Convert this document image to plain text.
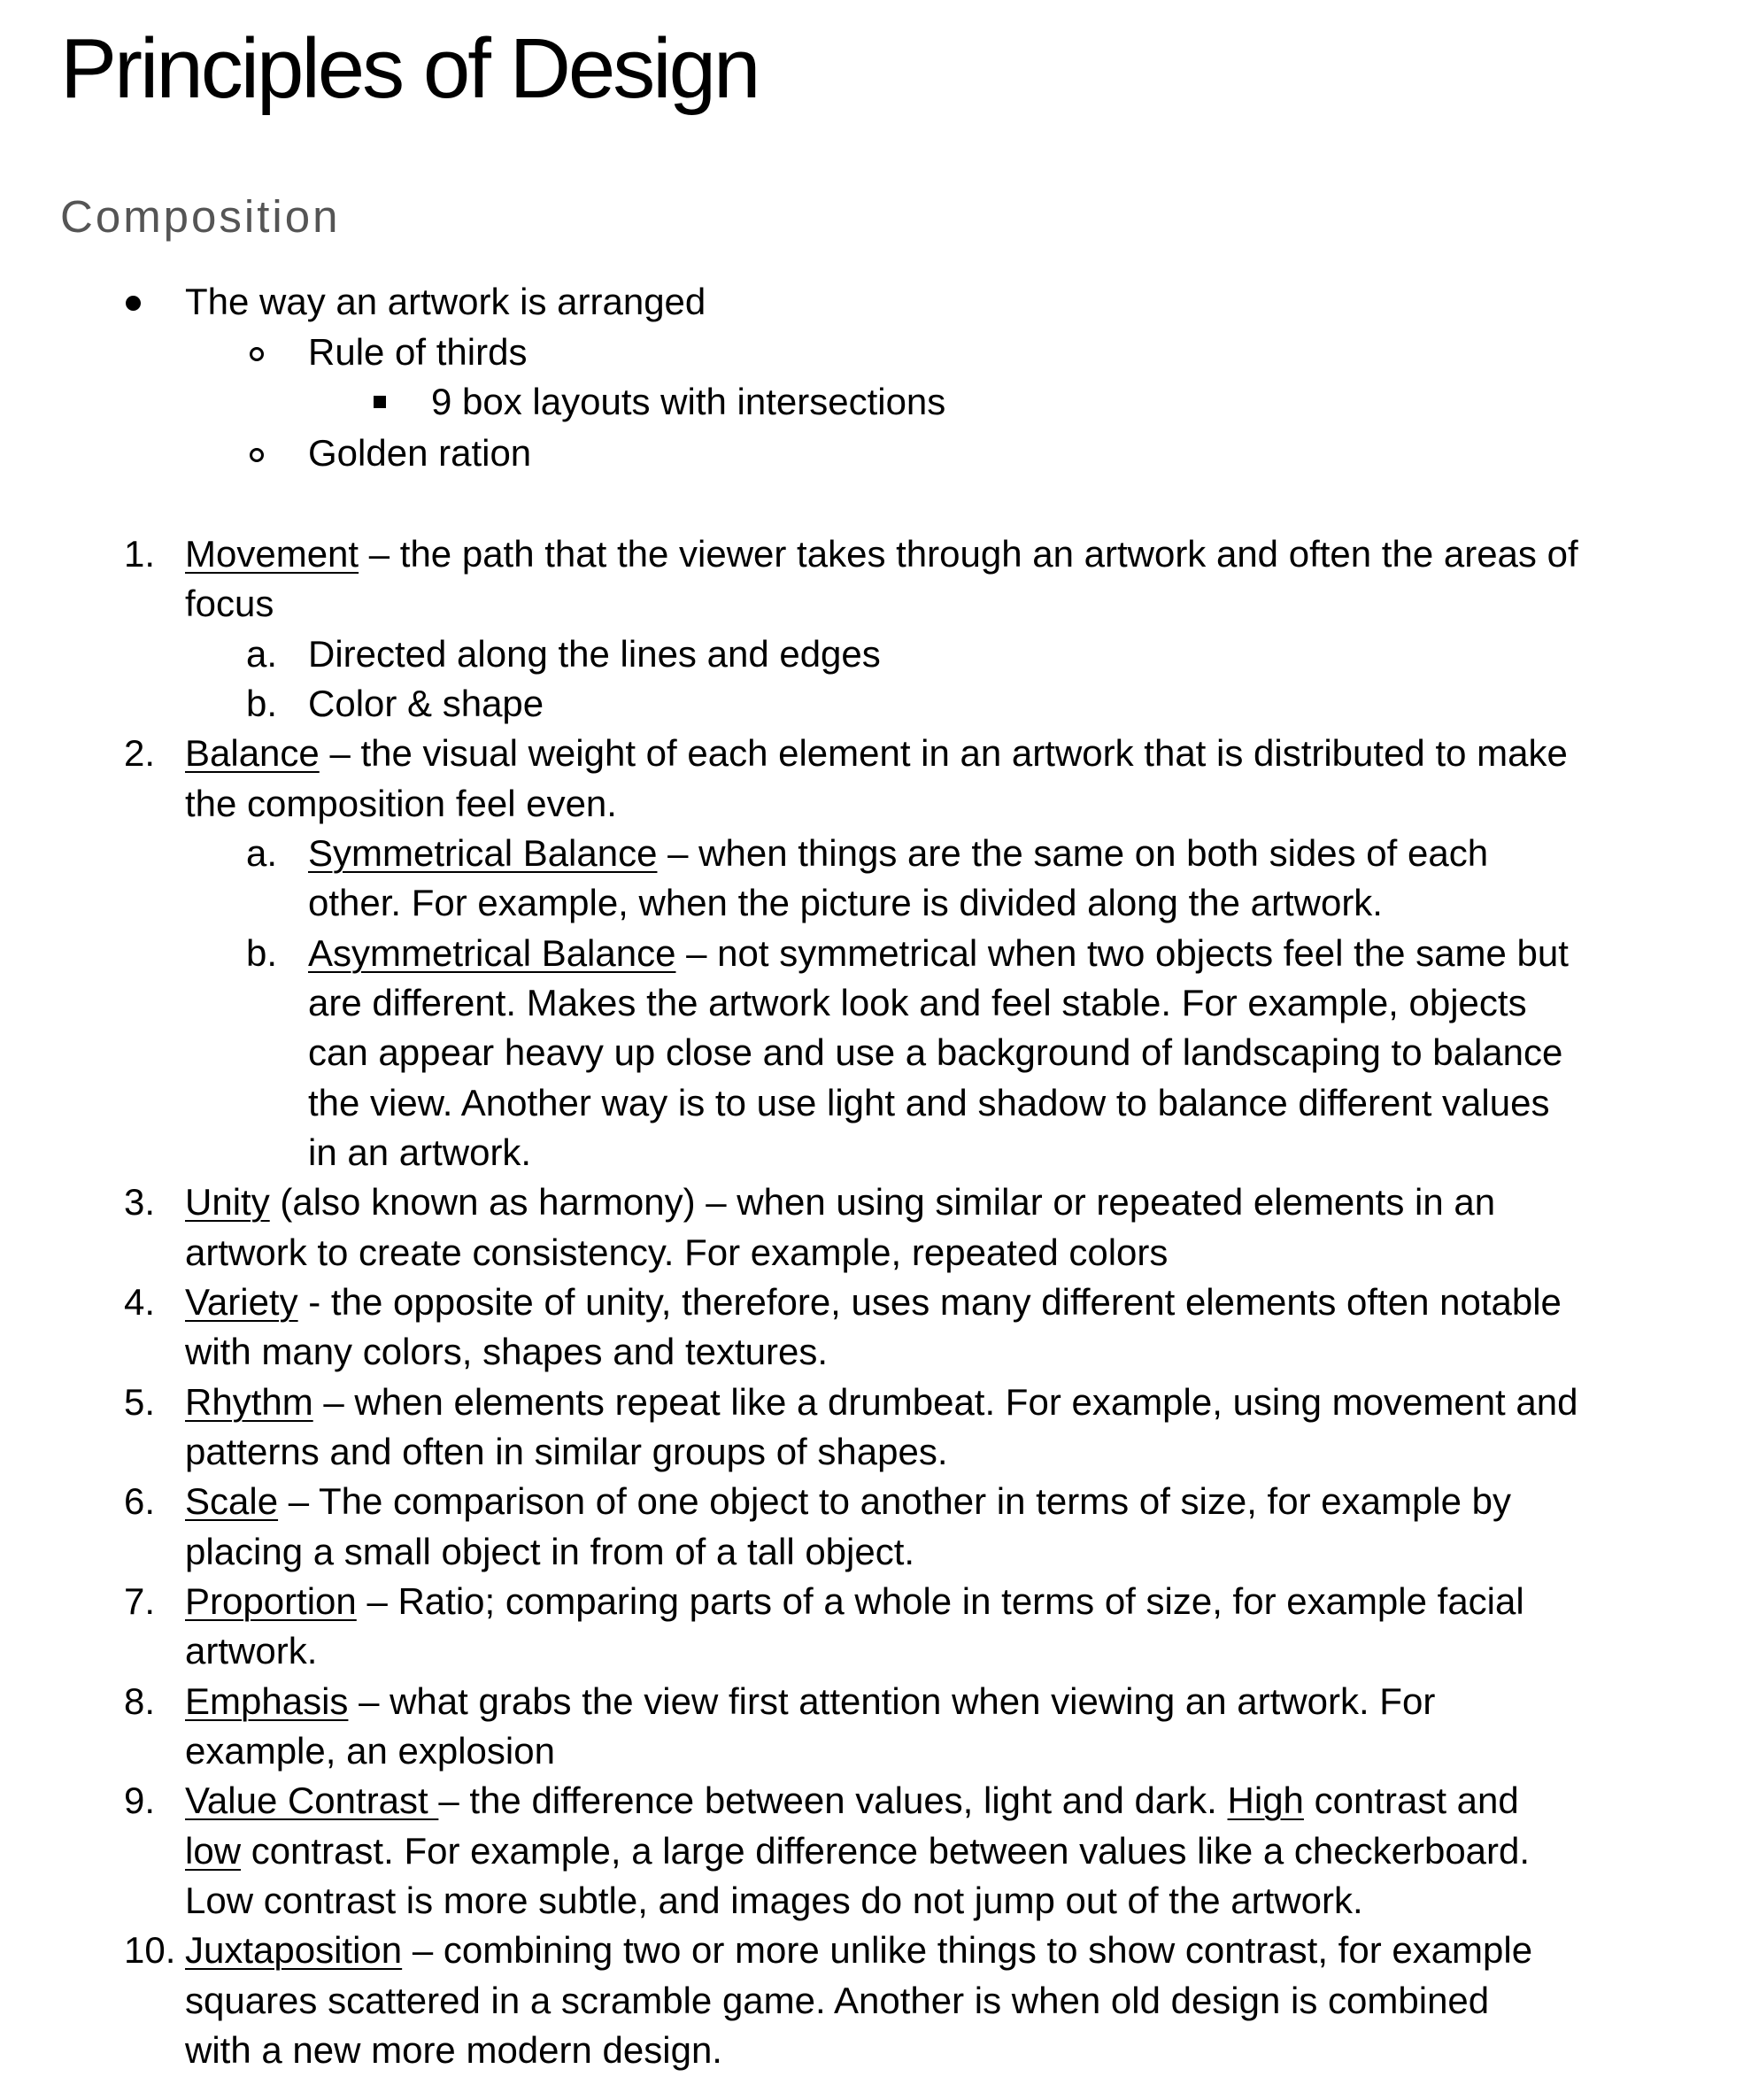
Principles of Design
Composition
The way an artwork is arranged
Rule of thirds
9 box layouts with intersections
Golden ration
1. Movement – the path that the viewer takes through an artwork and often the areas of
focus
a. Directed along the lines and edges
b. Color & shape
2. Balance – the visual weight of each element in an artwork that is distributed to make
the composition feel even.
a. Symmetrical Balance – when things are the same on both sides of each
other. For example, when the picture is divided along the artwork.
b. Asymmetrical Balance – not symmetrical when two objects feel the same but
are different. Makes the artwork look and feel stable. For example, objects
can appear heavy up close and use a background of landscaping to balance
the view. Another way is to use light and shadow to balance different values
in an artwork.
3. Unity (also known as harmony) – when using similar or repeated elements in an
artwork to create consistency. For example, repeated colors
4. Variety - the opposite of unity, therefore, uses many different elements often notable
with many colors, shapes and textures.
5. Rhythm – when elements repeat like a drumbeat. For example, using movement and
patterns and often in similar groups of shapes.
6. Scale – The comparison of one object to another in terms of size, for example by
placing a small object in from of a tall object.
7. Proportion – Ratio; comparing parts of a whole in terms of size, for example facial
artwork.
8. Emphasis – what grabs the view first attention when viewing an artwork. For
example, an explosion
9. Value Contrast – the difference between values, light and dark. High contrast and
low contrast. For example, a large difference between values like a checkerboard.
Low contrast is more subtle, and images do not jump out of the artwork.
10. Juxtaposition – combining two or more unlike things to show contrast, for example
squares scattered in a scramble game. Another is when old design is combined
with a new more modern design.
